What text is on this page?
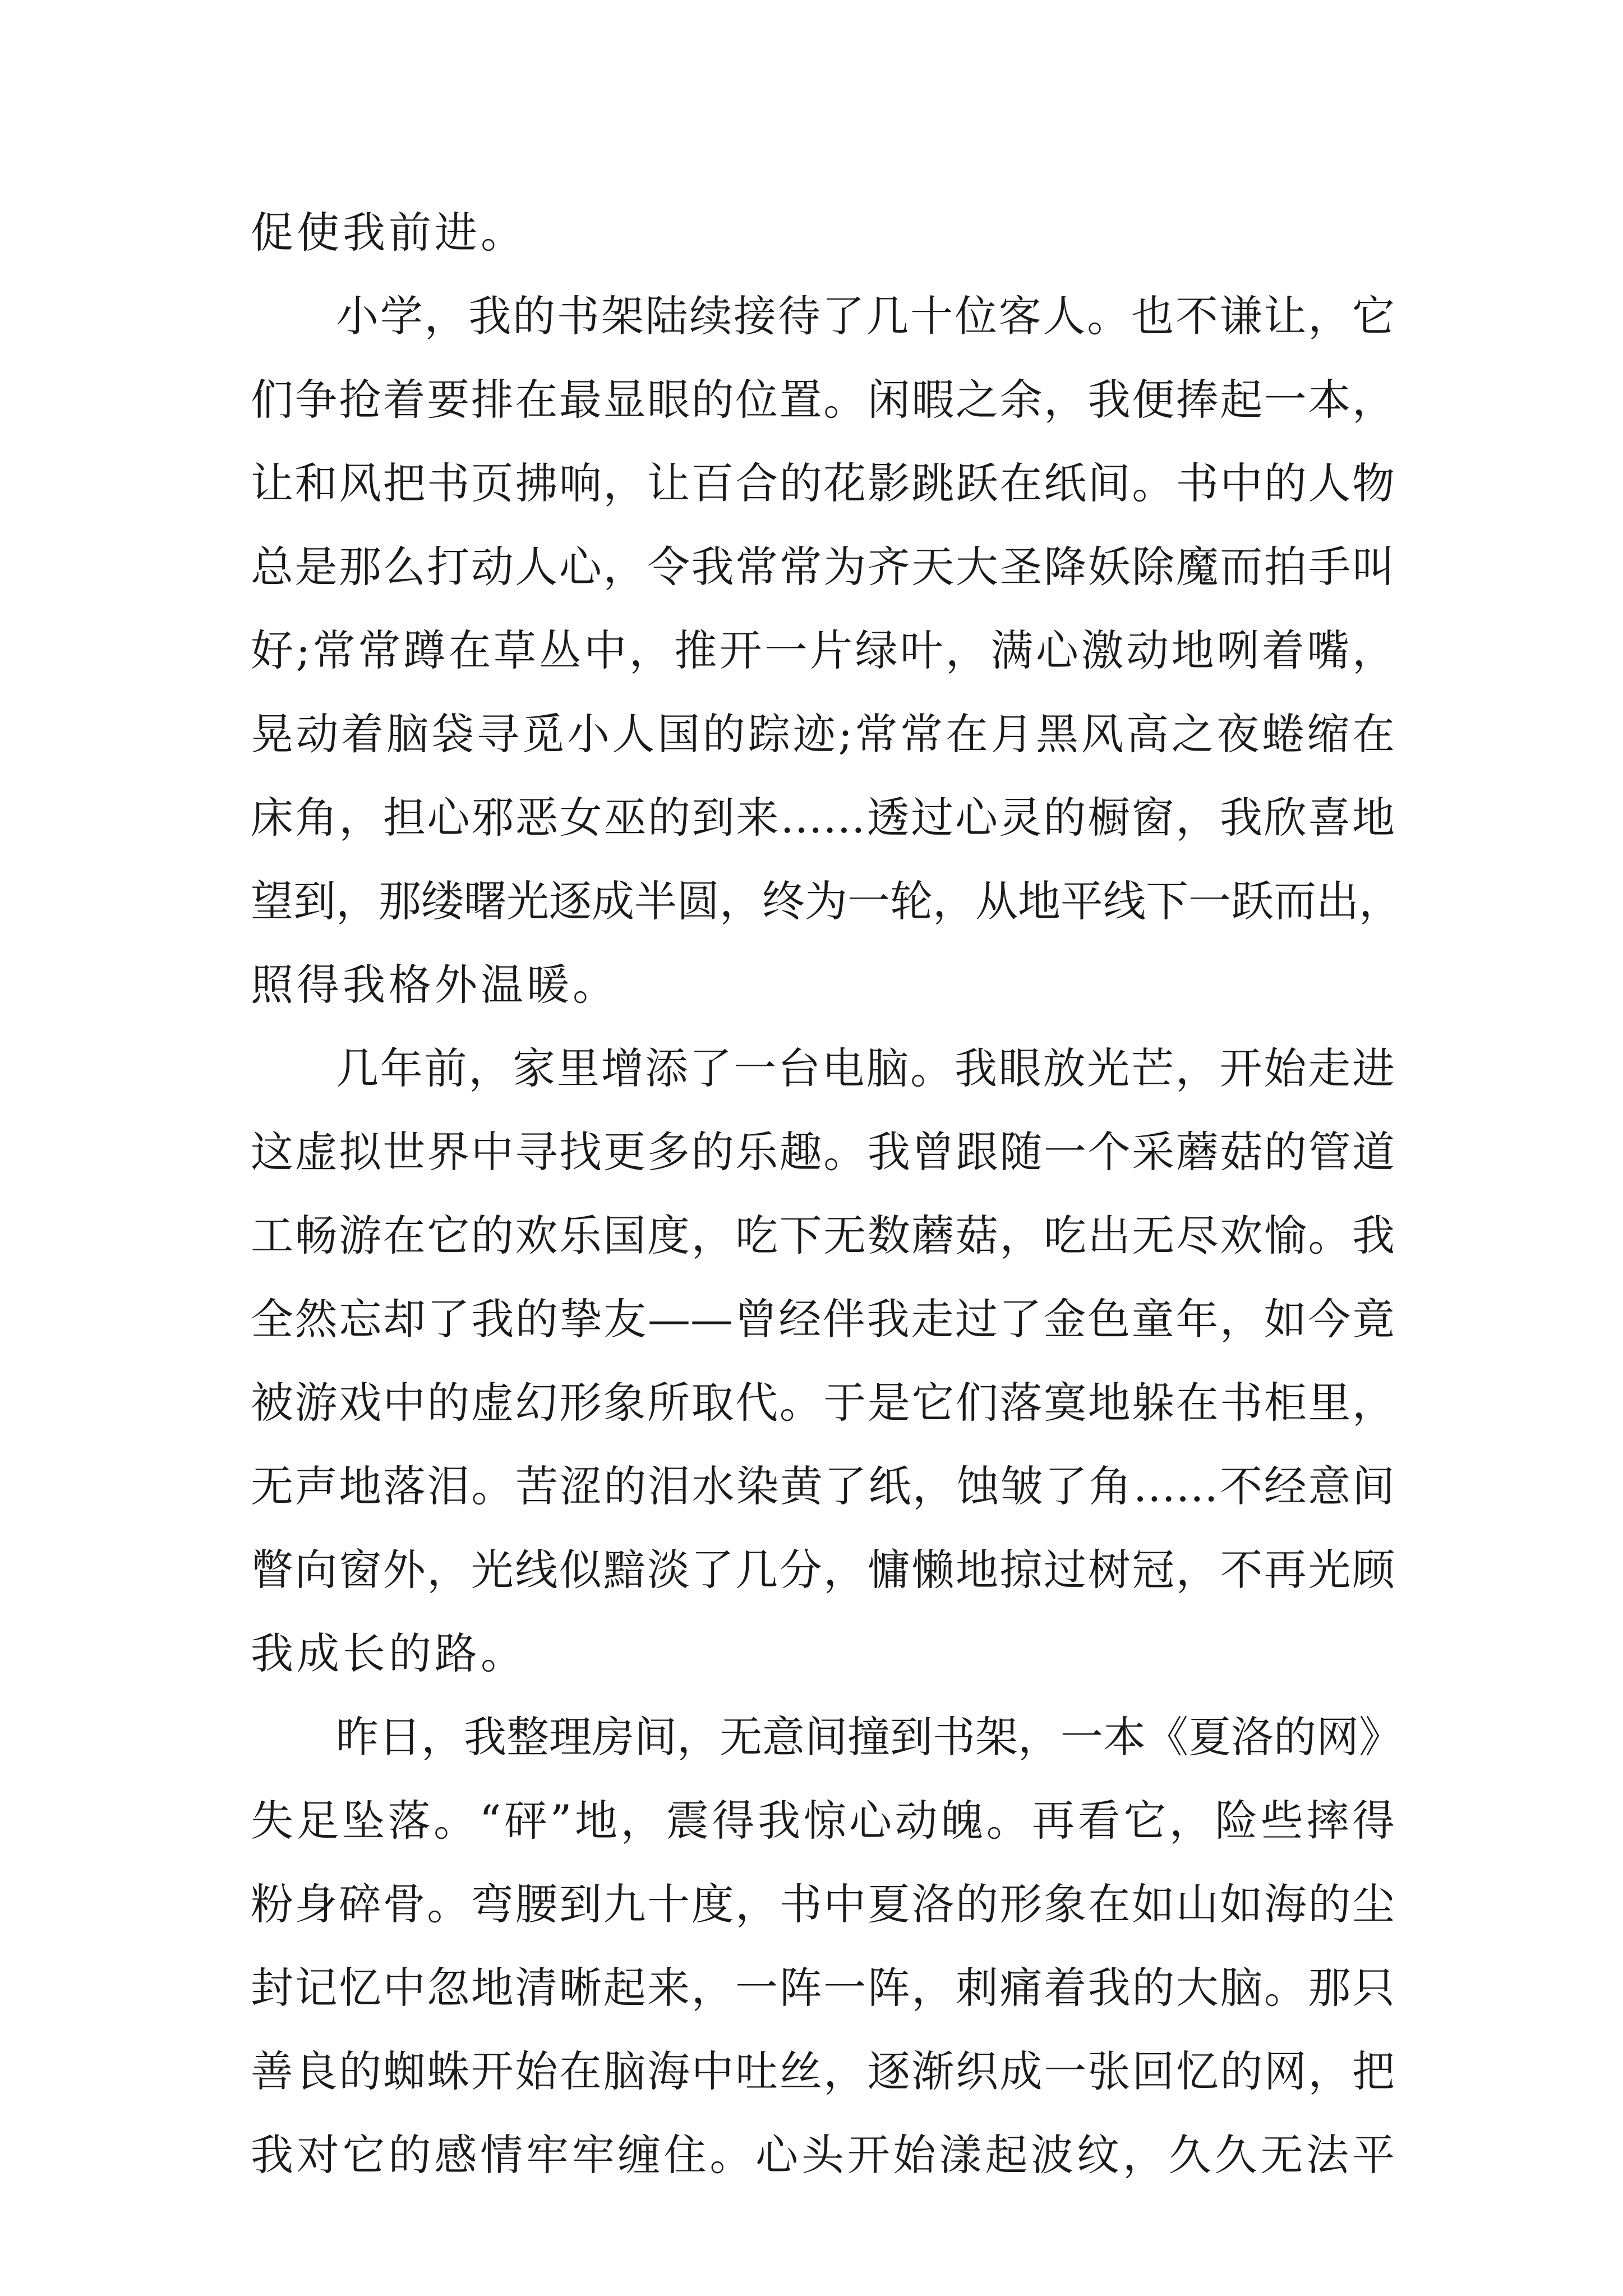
促使我前进。
小学，我的书架陆续接待了几十位客人。也不谦让，它
们争抢着要排在最显眼的位置。闲暇之余，我便捧起一本，
让和风把书页拂响，让百合的花影跳跃在纸间。书中的人物
总是那么打动人心，令我常常为齐天大圣降妖除魔而拍手叫
好;常常蹲在草丛中，推开一片绿叶，满心激动地咧着嘴，
晃动着脑袋寻觅小人国的踪迹;常常在月黑风高之夜蜷缩在
床角，担心邪恶女巫的到来……透过心灵的橱窗，我欣喜地
望到，那缕曙光逐成半圆，终为一轮，从地平线下一跃而出，
照得我格外温暖。
几年前，家里增添了一台电脑。我眼放光芒，开始走进
这虚拟世界中寻找更多的乐趣。我曾跟随一个采蘑菇的管道
工畅游在它的欢乐国度，吃下无数蘑菇，吃出无尽欢愉。我
全然忘却了我的挚友——曾经伴我走过了金色童年，如今竟
被游戏中的虚幻形象所取代。于是它们落寞地躲在书柜里，
无声地落泪。苦涩的泪水染黄了纸，蚀皱了角……不经意间
瞥向窗外，光线似黯淡了几分，慵懒地掠过树冠，不再光顾
我成长的路。
昨日，我整理房间，无意间撞到书架，一本《夏洛的网》
失足坠落。“砰”地，震得我惊心动魄。再看它，险些摔得
粉身碎骨。弯腰到九十度，书中夏洛的形象在如山如海的尘
封记忆中忽地清晰起来，一阵一阵，刺痛着我的大脑。那只
善良的蜘蛛开始在脑海中吐丝，逐渐织成一张回忆的网，把
我对它的感情牢牢缠住。心头开始漾起波纹，久久无法平
